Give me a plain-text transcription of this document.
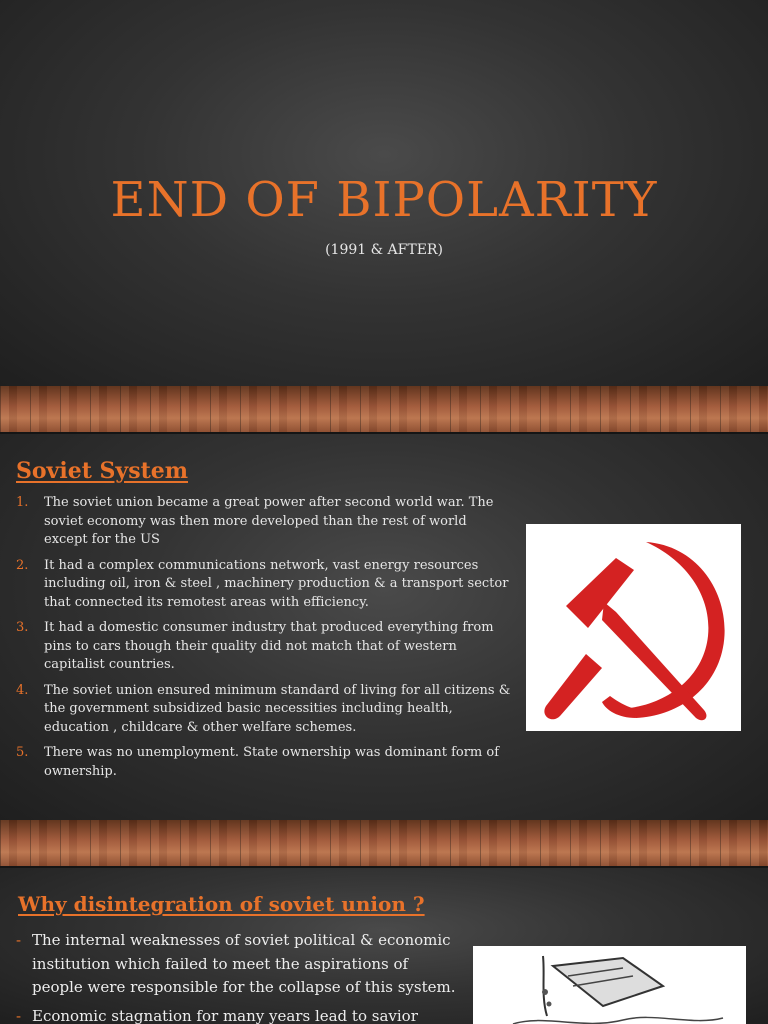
END OF BIPOLARITY
(1991 & AFTER)
Soviet System
1. The soviet union became a great power after second world war. The soviet economy was then more developed than the rest of world except for the US
2. It had a complex communications network, vast energy resources including oil, iron & steel , machinery production & a transport sector that connected its remotest areas with efficiency.
3. It had a domestic consumer industry that produced everything from pins to cars though their quality did not match that of western capitalist countries.
4. The soviet union ensured minimum standard of living for all citizens & the government subsidized basic necessities including health, education , childcare & other welfare schemes.
5. There was no unemployment. State ownership was dominant form of ownership.
Why disintegration of soviet union ?
- The internal weaknesses of soviet political & economic institution which failed to meet the aspirations of people were responsible for the collapse of this system.
- Economic stagnation for many years lead to savior
